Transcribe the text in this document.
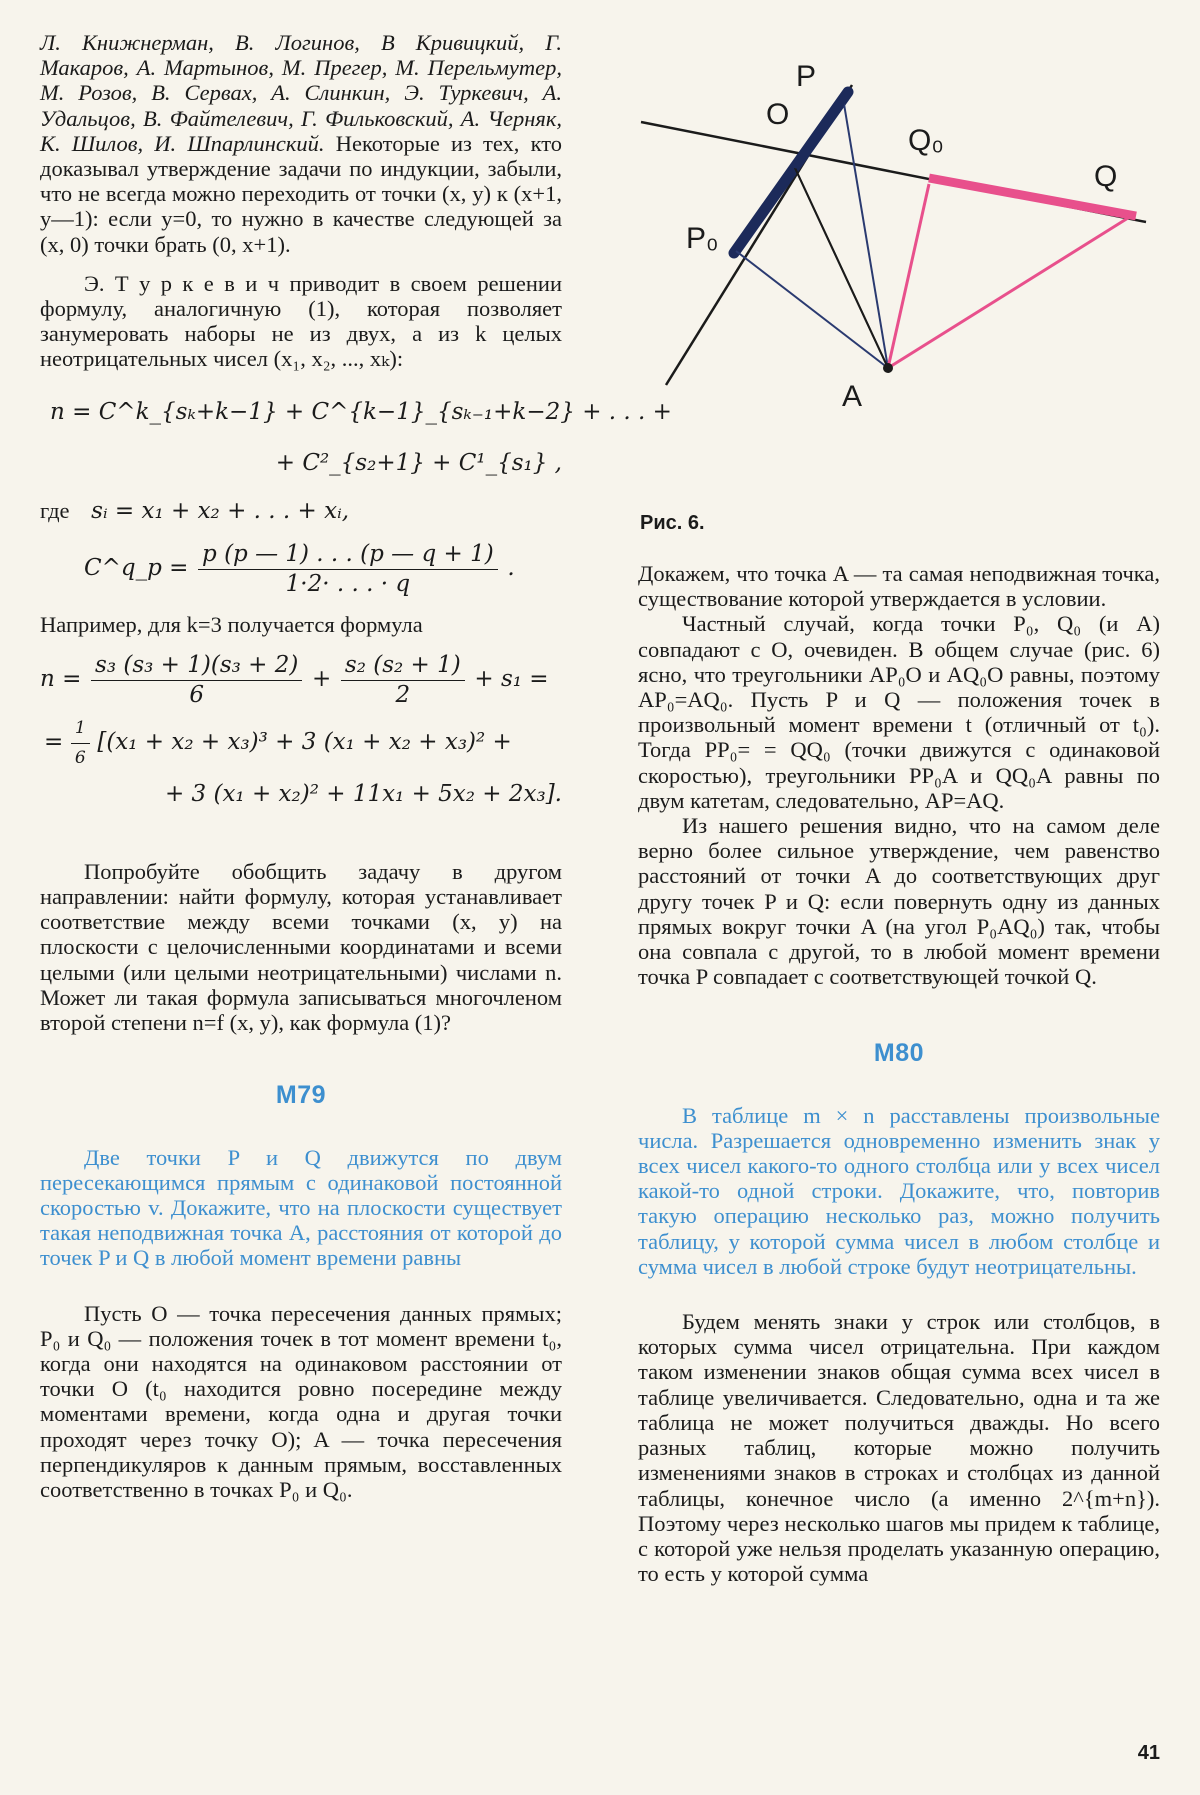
Л. Книжнерман, В. Логинов, В Кривицкий, Г. Макаров, А. Мартынов, М. Прегер, М. Перельмутер, М. Розов, В. Серваx, А. Слинкин, Э. Туркевич, А. Удальцов, В. Файтелевич, Г. Фильковский, А. Черняк, К. Шилов, И. Шпарлинский. Некоторые из тех, кто доказывал утверждение задачи по индукции, забыли, что не всегда можно переходить от точки (x, y) к (x+1, y—1): если y=0, то нужно в качестве следующей за (x, 0) точки брать (0, x+1).

Э. Т у р к е в и ч приводит в своем решении формулу, аналогичную (1), которая позволяет занумеровать наборы не из двух, а из k целых неотрицательных чисел (x₁, x₂, ..., xₖ):

n = C^k_{sₖ+k−1} + C^{k−1}_{sₖ₋₁+k−2} + . . . +
+ C²_{s₂+1} + C¹_{s₁} ,
где sᵢ = x₁ + x₂ + . . . + xᵢ,
C^q_p = $\frac{p (p — 1) . . . (p — q + 1)}{1\cdot 2\cdot . . . \cdot q}$ .

Например, для k=3 получается формула

$n = \frac{\text{s₃ (s₃ + 1)(s₃ + 2)}}{6} + \frac{\text{s₂ (s₂ + 1)}}{2} + s_1$ =
= $\frac{1}{6} [(x_1 + x_2 + x_3)^3 + 3$ (x₁ + x₂ + x₃)² +
+ 3 (x₁ + x₂)² + 11x₁ + 5x₂ + 2x₃].

Попробуйте обобщить задачу в другом направлении: найти формулу, которая устанавливает соответствие между всеми точками (x, y) на плоскости с целочисленными координатами и всеми целыми (или целыми неотрицательными) числами n. Может ли такая формула записываться многочленом второй степени n=f (x, y), как формула (1)?

M79

Две точки P и Q движутся по двум пересекающимся прямым с одинаковой постоянной скоростью v. Докажите, что на плоскости существует такая неподвижная точка A, расстояния от которой до точек P и Q в любой момент времени равны

Пусть O — точка пересечения данных прямых; P₀ и Q₀ — положения точек в тот момент времени t₀, когда они находятся на одинаковом расстоянии от точки O (t₀ находится ровно посередине между моментами времени, когда одна и другая точки проходят через точку O); A — точка пересечения перпендикуляров к данным прямым, восставленных соответственно в точках P₀ и Q₀.

P
O
Q₀
Q
P₀
A
Рис. 6.

Докажем, что точка A — та самая неподвижная точка, существование которой утверждается в условии.

Частный случай, когда точки P₀, Q₀ (и A) совпадают с O, очевиден. В общем случае (рис. 6) ясно, что треугольники AP₀O и AQ₀O равны, поэтому AP₀=AQ₀. Пусть P и Q — положения точек в произвольный момент времени t (отличный от t₀). Тогда PP₀= = QQ₀ (точки движутся с одинаковой скоростью), треугольники PP₀A и QQ₀A равны по двум катетам, следовательно, AP=AQ.

Из нашего решения видно, что на самом деле верно более сильное утверждение, чем равенство расстояний от точки A до соответствующих друг другу точек P и Q: если повернуть одну из данных прямых вокруг точки A (на угол P₀AQ₀) так, чтобы она совпала с другой, то в любой момент времени точка P совпадает с соответствующей точкой Q.

M80

В таблице m × n расставлены произвольные числа. Разрешается одновременно изменить знак у всех чисел какого-то одного столбца или у всех чисел какой-то одной строки. Докажите, что, повторив такую операцию несколько раз, можно получить таблицу, у которой сумма чисел в любом столбце и сумма чисел в любой строке будут неотрицательны.

Будем менять знаки у строк или столбцов, в которых сумма чисел отрицательна. При каждом таком изменении знаков общая сумма всех чисел в таблице увеличивается. Следовательно, одна и та же таблица не может получиться дважды. Но всего разных таблиц, которые можно получить изменениями знаков в строках и столбцах из данной таблицы, конечное число (а именно 2^{m+n}). Поэтому через несколько шагов мы придем к таблице, с которой уже нельзя проделать указанную операцию, то есть у которой сумма

41
